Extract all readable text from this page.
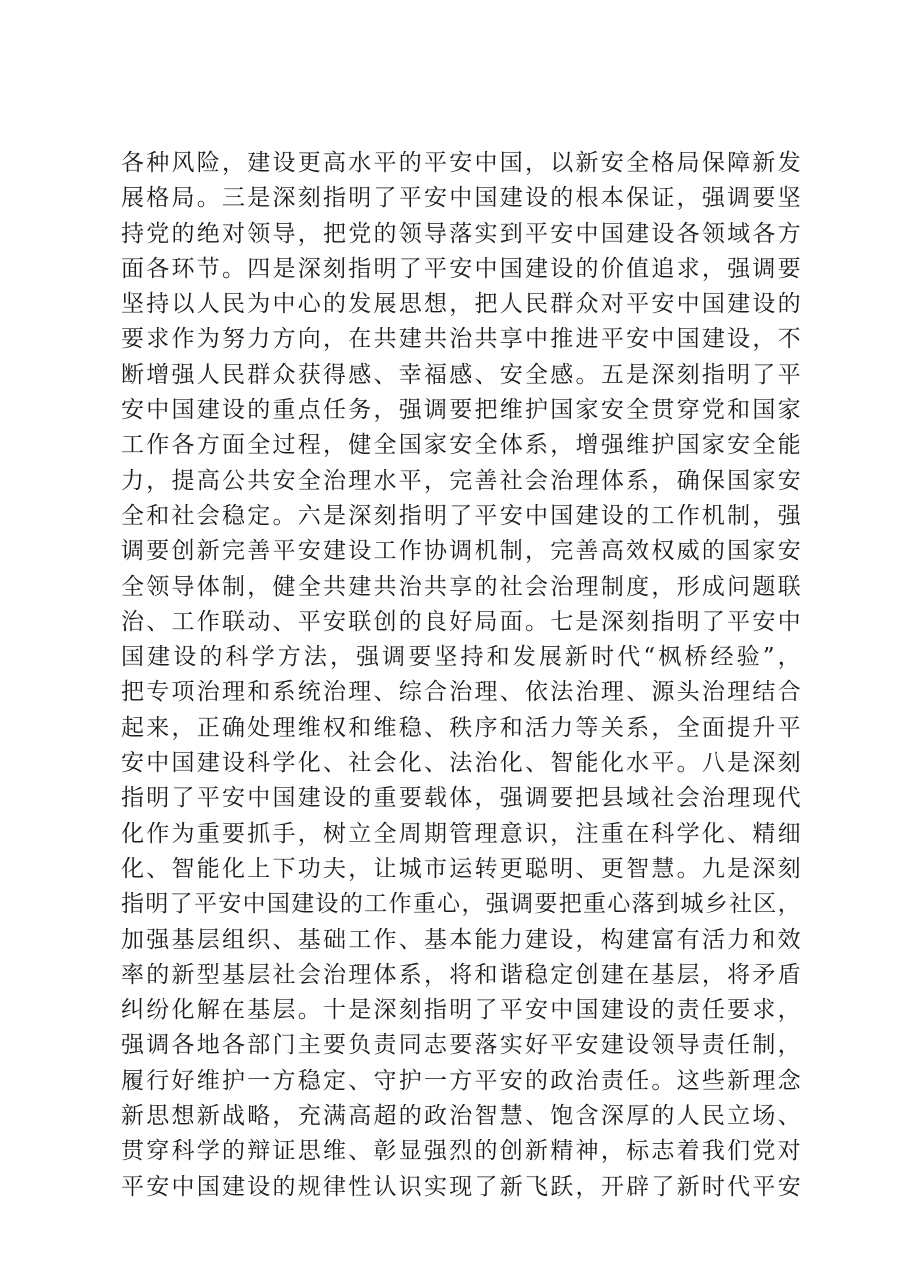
各种风险，建设更高水平的平安中国，以新安全格局保障新发
展格局。三是深刻指明了平安中国建设的根本保证，强调要坚
持党的绝对领导，把党的领导落实到平安中国建设各领域各方
面各环节。四是深刻指明了平安中国建设的价值追求，强调要
坚持以人民为中心的发展思想，把人民群众对平安中国建设的
要求作为努力方向，在共建共治共享中推进平安中国建设，不
断增强人民群众获得感、幸福感、安全感。五是深刻指明了平
安中国建设的重点任务，强调要把维护国家安全贯穿党和国家
工作各方面全过程，健全国家安全体系，增强维护国家安全能
力，提高公共安全治理水平，完善社会治理体系，确保国家安
全和社会稳定。六是深刻指明了平安中国建设的工作机制，强
调要创新完善平安建设工作协调机制，完善高效权威的国家安
全领导体制，健全共建共治共享的社会治理制度，形成问题联
治、工作联动、平安联创的良好局面。七是深刻指明了平安中
国建设的科学方法，强调要坚持和发展新时代“枫桥经验”，
把专项治理和系统治理、综合治理、依法治理、源头治理结合
起来，正确处理维权和维稳、秩序和活力等关系，全面提升平
安中国建设科学化、社会化、法治化、智能化水平。八是深刻
指明了平安中国建设的重要载体，强调要把县域社会治理现代
化作为重要抓手，树立全周期管理意识，注重在科学化、精细
化、智能化上下功夫，让城市运转更聪明、更智慧。九是深刻
指明了平安中国建设的工作重心，强调要把重心落到城乡社区，
加强基层组织、基础工作、基本能力建设，构建富有活力和效
率的新型基层社会治理体系，将和谐稳定创建在基层，将矛盾
纠纷化解在基层。十是深刻指明了平安中国建设的责任要求，
强调各地各部门主要负责同志要落实好平安建设领导责任制，
履行好维护一方稳定、守护一方平安的政治责任。这些新理念
新思想新战略，充满高超的政治智慧、饱含深厚的人民立场、
贯穿科学的辩证思维、彰显强烈的创新精神，标志着我们党对
平安中国建设的规律性认识实现了新飞跃，开辟了新时代平安
